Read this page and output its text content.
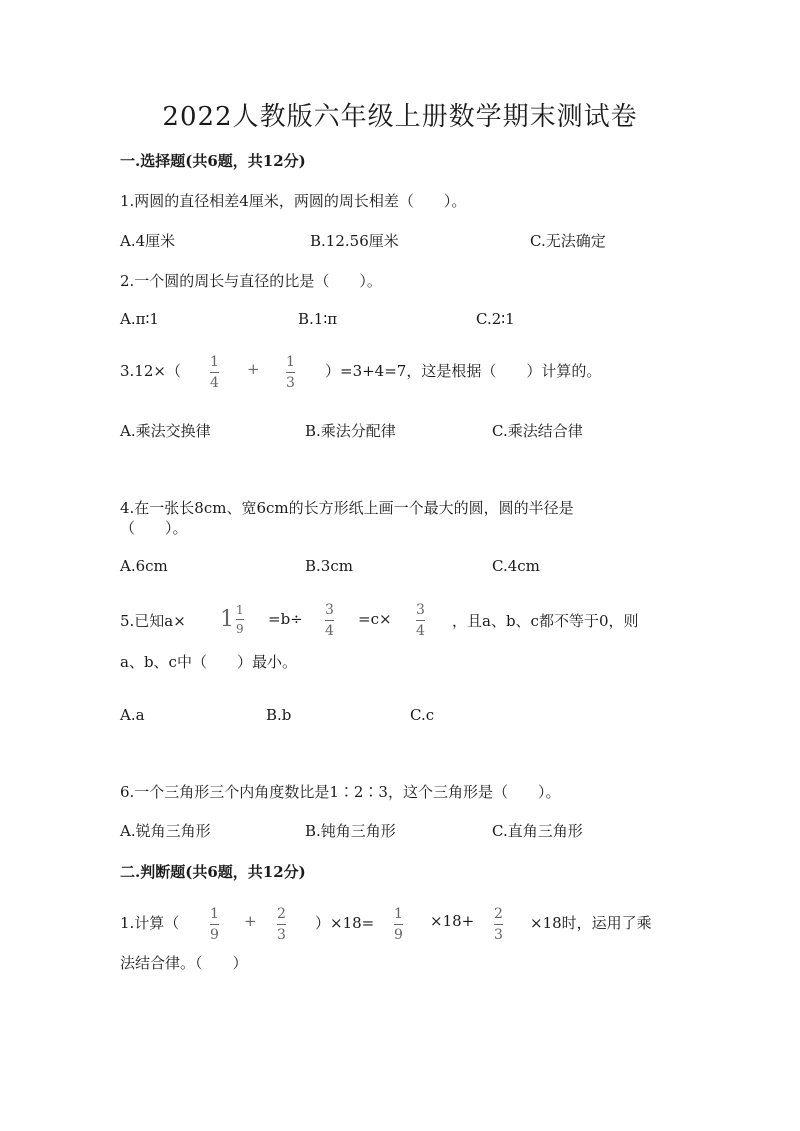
2022人教版六年级上册数学期末测试卷
一.选择题(共6题，共12分)
1.两圆的直径相差4厘米，两圆的周长相差（　　）。
A.4厘米	B.12.56厘米	C.无法确定
2.一个圆的周长与直径的比是（　　）。
A.π∶1	B.1∶π	C.2∶1
3.12×（ 1
4
+ 1
3
）=3+4=7，这是根据（　　）计算的。
A.乘法交换律	B.乘法分配律	C.乘法结合律
4.在一张长8cm、宽6cm的长方形纸上画一个最大的圆，圆的半径是
（　　）。
A.6cm	B.3cm	C.4cm
5.已知$a\times 1 \frac{1}{9} =b\div 3$
4
=c× 3
4
，且a、b、c都不等于0，则
a、b、c中（　　）最小。
A.a	B.b	C.c
6.一个三角形三个内角度数比是1∶2∶3，这个三角形是（　　）。
A.锐角三角形	B.钝角三角形	C.直角三角形
二.判断题(共6题，共12分)
1.计算（ 1
9
+ 2
3
）×18= 1
9
×18+ 2
3
×18时，运用了乘
法结合律。（　　）
